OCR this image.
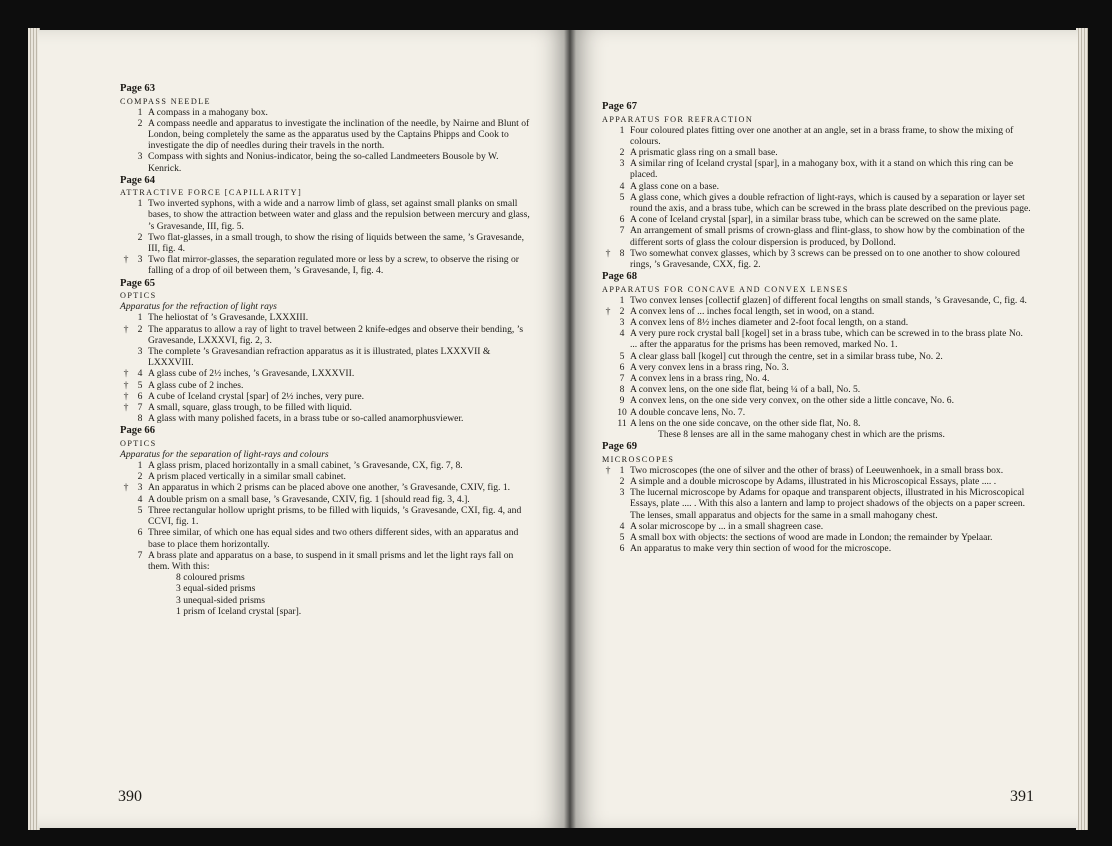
Page 63
COMPASS NEEDLE
1 A compass in a mahogany box.
2 A compass needle and apparatus to investigate the inclination of the needle, by Nairne and Blunt of London, being completely the same as the apparatus used by the Captains Phipps and Cook to investigate the dip of needles during their travels in the north.
3 Compass with sights and Nonius-indicator, being the so-called Landmeeters Bousole by W. Kenrick.
Page 64
ATTRACTIVE FORCE [CAPILLARITY]
1 Two inverted syphons, with a wide and a narrow limb of glass, set against small planks on small bases, to show the attraction between water and glass and the repulsion between mercury and glass, ’s Gravesande, III, fig. 5.
2 Two flat-glasses, in a small trough, to show the rising of liquids between the same, ’s Gravesande, III, fig. 4.
† 3 Two flat mirror-glasses, the separation regulated more or less by a screw, to observe the rising or falling of a drop of oil between them, ’s Gravesande, I, fig. 4.
Page 65
OPTICS
Apparatus for the refraction of light rays
1 The heliostat of ’s Gravesande, LXXXIII.
† 2 The apparatus to allow a ray of light to travel between 2 knife-edges and observe their bending, ’s Gravesande, LXXXVI, fig. 2, 3.
3 The complete ’s Gravesandian refraction apparatus as it is illustrated, plates LXXXVII & LXXXVIII.
† 4 A glass cube of 2½ inches, ’s Gravesande, LXXXVII.
† 5 A glass cube of 2 inches.
† 6 A cube of Iceland crystal [spar] of 2½ inches, very pure.
† 7 A small, square, glass trough, to be filled with liquid.
8 A glass with many polished facets, in a brass tube or so-called anamorphusviewer.
Page 66
OPTICS
Apparatus for the separation of light-rays and colours
1 A glass prism, placed horizontally in a small cabinet, ’s Gravesande, CX, fig. 7, 8.
2 A prism placed vertically in a similar small cabinet.
† 3 An apparatus in which 2 prisms can be placed above one another, ’s Gravesande, CXIV, fig. 1.
4 A double prism on a small base, ’s Gravesande, CXIV, fig. 1 [should read fig. 3, 4.].
5 Three rectangular hollow upright prisms, to be filled with liquids, ’s Gravesande, CXI, fig. 4, and CCVI, fig. 1.
6 Three similar, of which one has equal sides and two others different sides, with an apparatus and base to place them horizontally.
7 A brass plate and apparatus on a base, to suspend in it small prisms and let the light rays fall on them. With this:
8 coloured prisms
3 equal-sided prisms
3 unequal-sided prisms
1 prism of Iceland crystal [spar].
390
Page 67
APPARATUS FOR REFRACTION
1 Four coloured plates fitting over one another at an angle, set in a brass frame, to show the mixing of colours.
2 A prismatic glass ring on a small base.
3 A similar ring of Iceland crystal [spar], in a mahogany box, with it a stand on which this ring can be placed.
4 A glass cone on a base.
5 A glass cone, which gives a double refraction of light-rays, which is caused by a separation or layer set round the axis, and a brass tube, which can be screwed in the brass plate described on the previous page.
6 A cone of Iceland crystal [spar], in a similar brass tube, which can be screwed on the same plate.
7 An arrangement of small prisms of crown-glass and flint-glass, to show how by the combination of the different sorts of glass the colour dispersion is produced, by Dollond.
† 8 Two somewhat convex glasses, which by 3 screws can be pressed on to one another to show coloured rings, ’s Gravesande, CXX, fig. 2.
Page 68
APPARATUS FOR CONCAVE AND CONVEX LENSES
1 Two convex lenses [collectif glazen] of different focal lengths on small stands, ’s Gravesande, C, fig. 4.
† 2 A convex lens of ... inches focal length, set in wood, on a stand.
3 A convex lens of 8½ inches diameter and 2-foot focal length, on a stand.
4 A very pure rock crystal ball [kogel] set in a brass tube, which can be screwed in to the brass plate No. ... after the apparatus for the prisms has been removed, marked No. 1.
5 A clear glass ball [kogel] cut through the centre, set in a similar brass tube, No. 2.
6 A very convex lens in a brass ring, No. 3.
7 A convex lens in a brass ring, No. 4.
8 A convex lens, on the one side flat, being ¼ of a ball, No. 5.
9 A convex lens, on the one side very convex, on the other side a little concave, No. 6.
10 A double concave lens, No. 7.
11 A lens on the one side concave, on the other side flat, No. 8.
These 8 lenses are all in the same mahogany chest in which are the prisms.
Page 69
MICROSCOPES
† 1 Two microscopes (the one of silver and the other of brass) of Leeuwenhoek, in a small brass box.
2 A simple and a double microscope by Adams, illustrated in his Microscopical Essays, plate .... .
3 The lucernal microscope by Adams for opaque and transparent objects, illustrated in his Microscopical Essays, plate .... . With this also a lantern and lamp to project shadows of the objects on a paper screen. The lenses, small apparatus and objects for the same in a small mahogany chest.
4 A solar microscope by ... in a small shagreen case.
5 A small box with objects: the sections of wood are made in London; the remainder by Ypelaar.
6 An apparatus to make very thin section of wood for the microscope.
391
